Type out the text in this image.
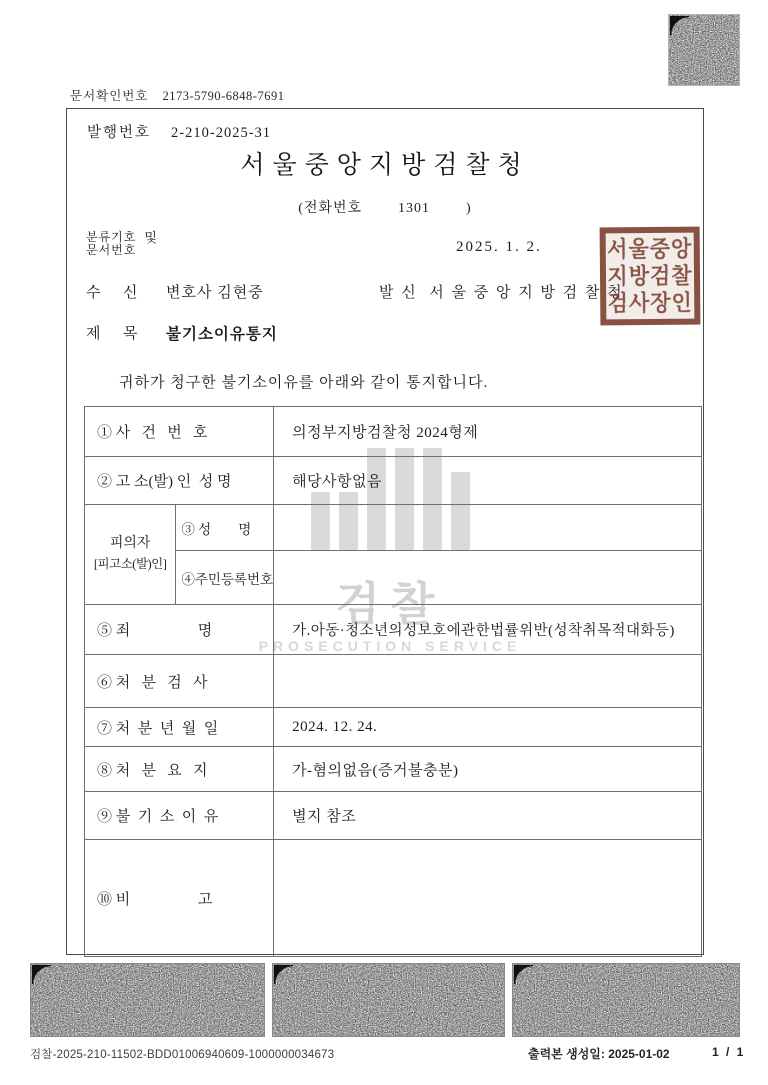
문서확인번호 2173-5790-6848-7691
검찰
PROSECUTION SERVICE
발행번호 2-210-2025-31
서울중앙지방검찰청
(전화번호        1301        )
분류기호
문서번호
및
2025. 1. 2.
수      신 변호사 김현중	발 신  서 울 중 앙 지 방 검 찰 청
제      목 불기소이유통지
귀하가 청구한 불기소이유를 아래와 같이 통지합니다.
① 사   건   번   호		의정부지방검찰청 2024형제
② 고 소(발) 인  성 명		해당사항없음
피의자
[피고소(발)인]	③ 성        명	
	④주민등록번호	
⑤ 죄                  명		가.아동·청소년의성보호에관한법률위반(성착취목적대화등)
⑥ 처   분   검   사		
⑦ 처  분  년  월  일		2024. 12. 24.
⑧ 처   분   요   지		가-혐의없음(증거불충분)
⑨ 불  기  소  이  유		별지 참조
⑩ 비                  고		
서울중앙
지방검찰
검사장인
검찰-2025-210-11502-BDD01006940609-1000000034673	출력본 생성일: 2025-01-02	1 / 1
